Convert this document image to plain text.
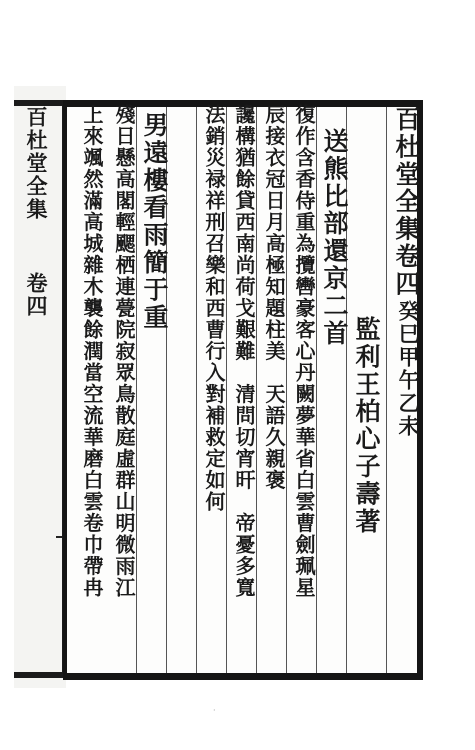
百杜堂全集
卷四	百杜堂全集卷四
癸巳甲午乙未
監利王柏心子壽著
送熊比部還京二首
復作含香侍重為攬轡豪客心丹闕夢華省白雲曹劍珮星
辰接衣冠日月高極知題柱美　天語久親褒
讒構猶餘貸西南尚荷戈艱難　清問切宵旰　帝憂多寬
法銷災禄祥刑召樂和西曹行入對補救定如何
男遠樓看雨簡于重
殘日懸高閣輕颸栖連甍院寂眾鳥散庭虛群山明微雨江
上來颯然滿高城雜木襲餘潤當空流華磨白雲卷巾帶冉
·
